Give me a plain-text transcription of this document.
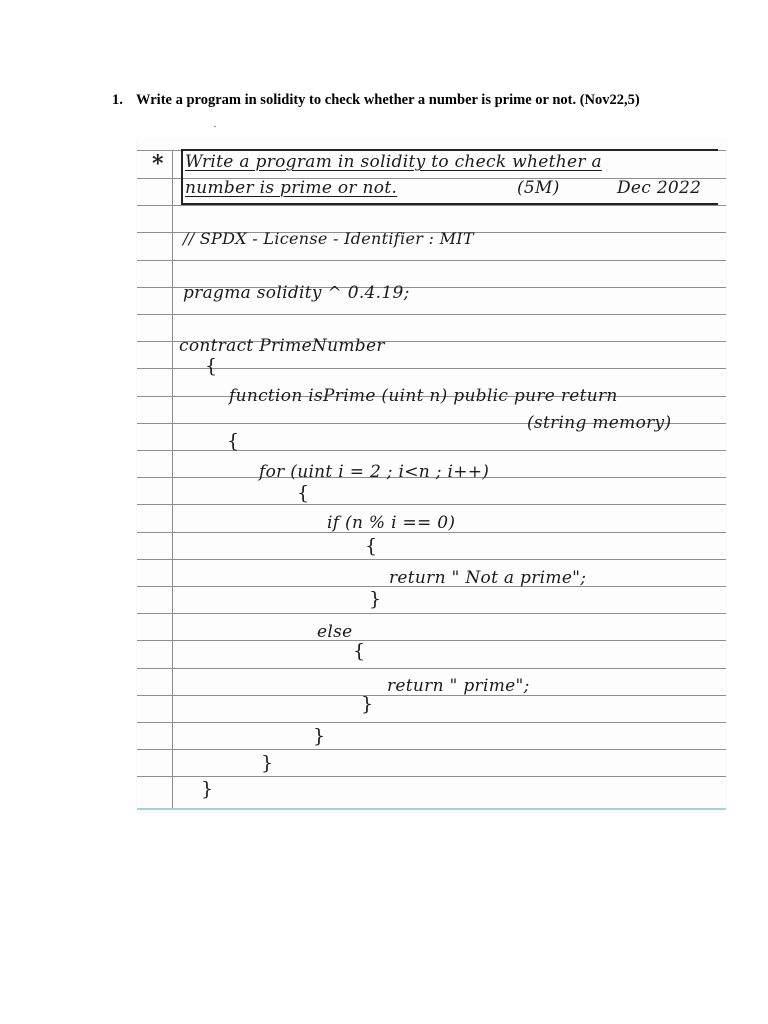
1. Write a program in solidity to check whether a number is prime or not. (Nov22,5)
* Write a program in solidity to check whether a
number is prime or not.	(5M)	Dec 2022
// SPDX - License - Identifier : MIT
pragma solidity ^ 0.4.19;
contract PrimeNumber
{
function isPrime (uint n) public pure return
(string memory)
{
for (uint i = 2 ; i<n ; i++)
{
if (n % i == 0)
{
return " Not a prime";
}
else
{
return " prime";
}
}
}
}
